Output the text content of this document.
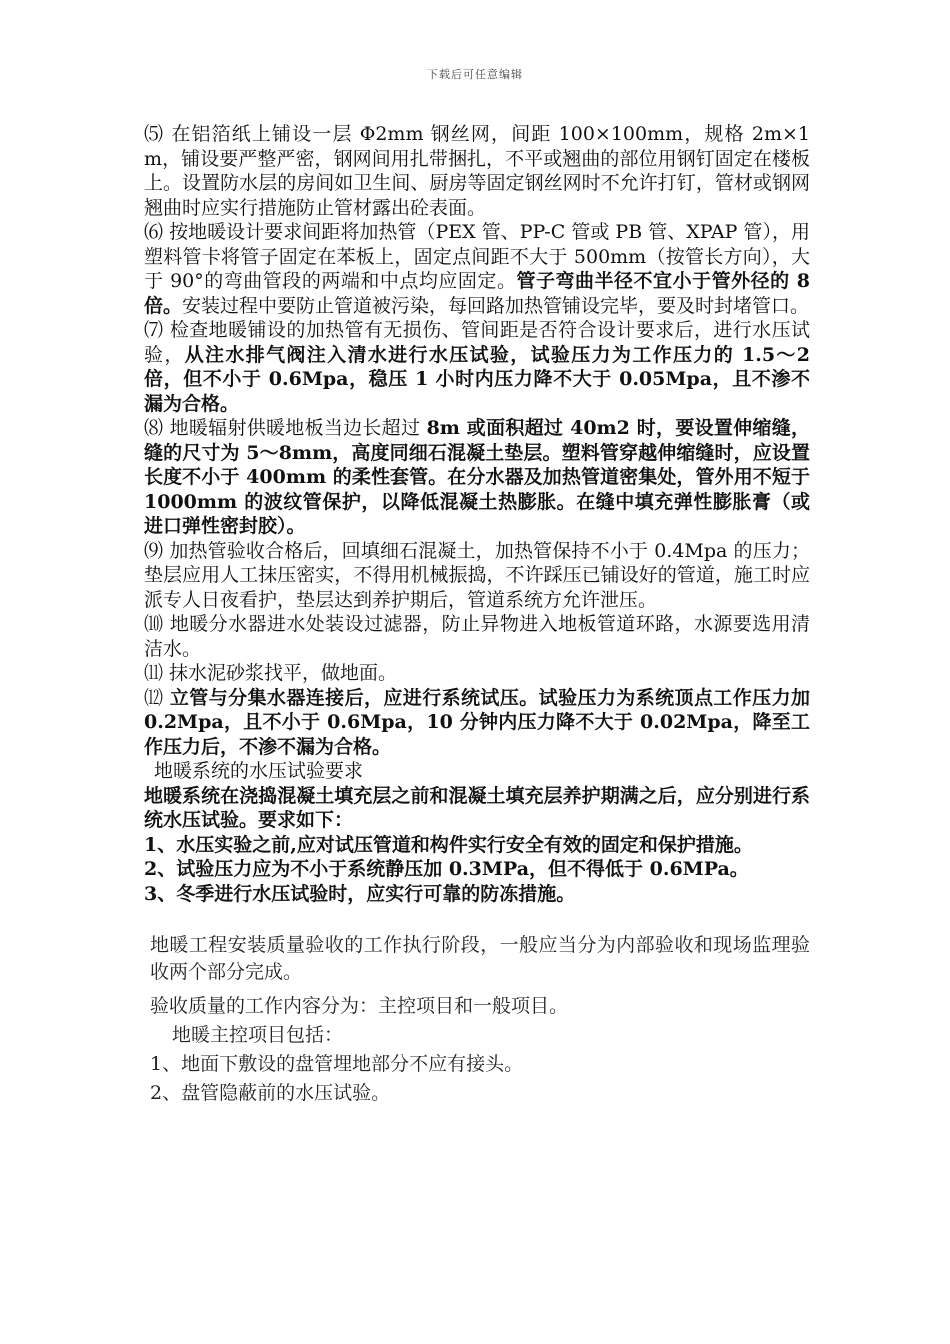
下载后可任意编辑

⑸ 在铝箔纸上铺设一层 Φ2mm 钢丝网，间距 100×100mm，规格 2m×1m，铺设要严整严密，钢网间用扎带捆扎，不平或翘曲的部位用钢钉固定在楼板上。设置防水层的房间如卫生间、厨房等固定钢丝网时不允许打钉，管材或钢网翘曲时应实行措施防止管材露出砼表面。

⑹ 按地暖设计要求间距将加热管（PEX 管、PP-C 管或 PB 管、XPAP 管），用塑料管卡将管子固定在苯板上，固定点间距不大于 500mm（按管长方向），大于 90°的弯曲管段的两端和中点均应固定。管子弯曲半径不宜小于管外径的 8 倍。安装过程中要防止管道被污染，每回路加热管铺设完毕，要及时封堵管口。

⑺ 检查地暖铺设的加热管有无损伤、管间距是否符合设计要求后，进行水压试验，从注水排气阀注入清水进行水压试验，试验压力为工作压力的 1.5～2 倍，但不小于 0.6Mpa，稳压 1 小时内压力降不大于 0.05Mpa，且不渗不漏为合格。

⑻ 地暖辐射供暖地板当边长超过 8m 或面积超过 40m2 时，要设置伸缩缝，缝的尺寸为 5～8mm，高度同细石混凝土垫层。塑料管穿越伸缩缝时，应设置长度不小于 400mm 的柔性套管。在分水器及加热管道密集处，管外用不短于 1000mm 的波纹管保护，以降低混凝土热膨胀。在缝中填充弹性膨胀膏（或进口弹性密封胶）。

⑼ 加热管验收合格后，回填细石混凝土，加热管保持不小于 0.4Mpa 的压力；垫层应用人工抹压密实，不得用机械振捣，不许踩压已铺设好的管道，施工时应派专人日夜看护，垫层达到养护期后，管道系统方允许泄压。

⑽ 地暖分水器进水处装设过滤器，防止异物进入地板管道环路，水源要选用清洁水。

⑾ 抹水泥砂浆找平，做地面。

⑿ 立管与分集水器连接后，应进行系统试压。试验压力为系统顶点工作压力加 0.2Mpa，且不小于 0.6Mpa，10 分钟内压力降不大于 0.02Mpa，降至工作压力后，不渗不漏为合格。

地暖系统的水压试验要求

地暖系统在浇捣混凝土填充层之前和混凝土填充层养护期满之后，应分别进行系统水压试验。要求如下：

1、水压实验之前,应对试压管道和构件实行安全有效的固定和保护措施。

2、试验压力应为不小于系统静压加 0.3MPa，但不得低于 0.6MPa。

3、冬季进行水压试验时，应实行可靠的防冻措施。

地暖工程安装质量验收的工作执行阶段，一般应当分为内部验收和现场监理验收两个部分完成。

验收质量的工作内容分为：主控项目和一般项目。

地暖主控项目包括：

1、地面下敷设的盘管埋地部分不应有接头。

2、盘管隐蔽前的水压试验。
